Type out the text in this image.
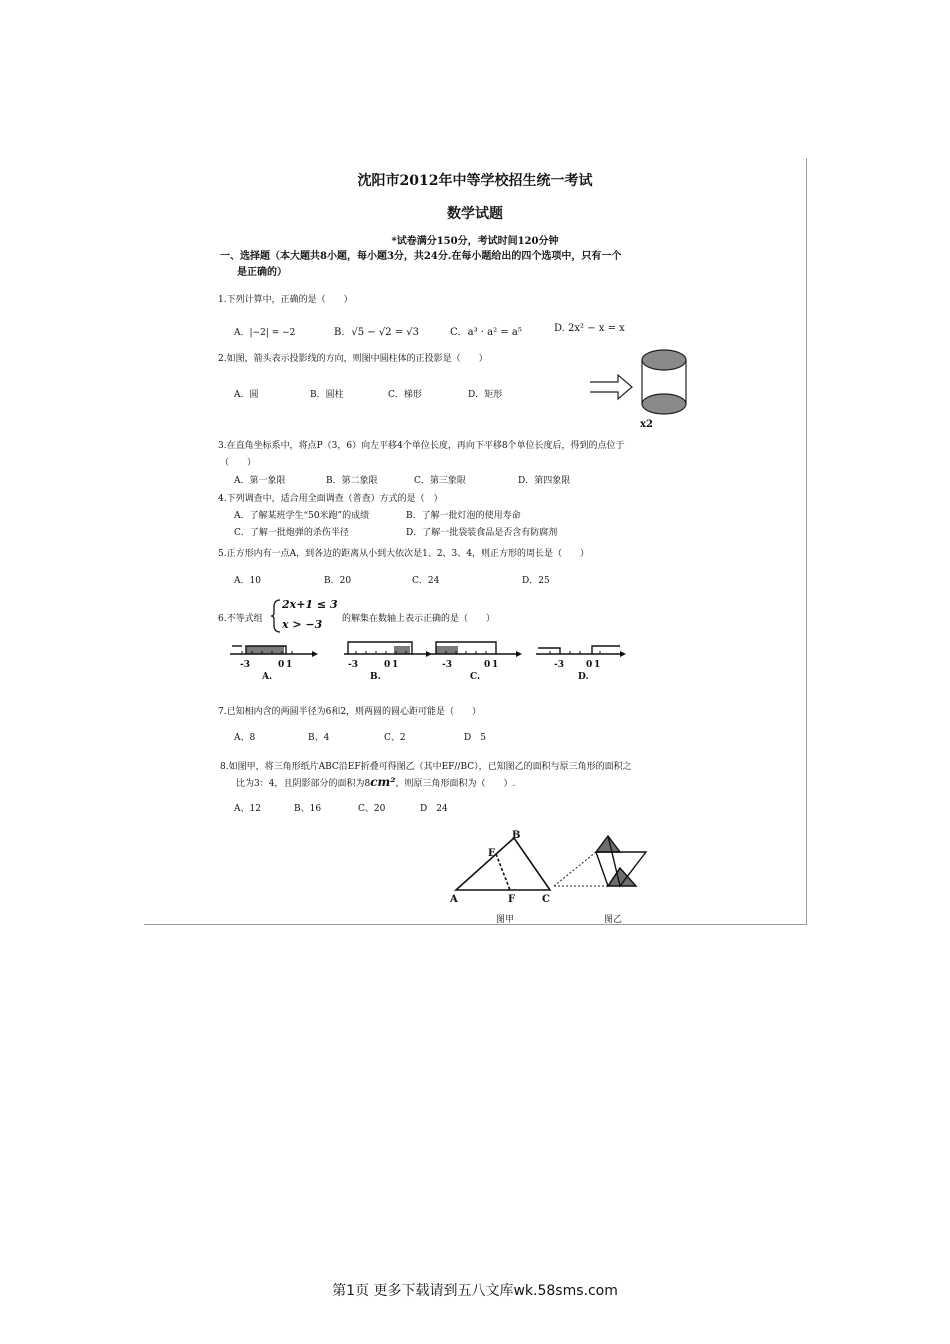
沈阳市2012年中等学校招生统一考试
数学试题
*试卷满分150分，考试时间120分钟
一、选择题（本大题共8小题，每小题3分，共24分.在每小题给出的四个选项中，只有一个
是正确的）
1.下列计算中，正确的是（　　）
A．|−2| = −2	B．√5 − √2 = √3	C．a³ · a² = a⁵	D. 2x² − x = x
2.如图，箭头表示投影线的方向，则图中圆柱体的正投影是（　　）
A．圆	B．圆柱	C．梯形	D．矩形
x2
3.在直角坐标系中，将点P（3，6）向左平移4个单位长度，再向下平移8个单位长度后，得到的点位于
（　　）
A．第一象限	B．第二象限	C．第三象限	D．第四象限
4.下列调查中，适合用全面调查（普查）方式的是（　）
A．了解某班学生“50米跑”的成绩	B．了解一批灯泡的使用寿命
C．了解一批炮弹的杀伤半径	D．了解一批袋装食品是否含有防腐剂
5.正方形内有一点A，到各边的距离从小到大依次是1、2、3、4，则正方形的周长是（　　）
A．10	B．20	C．24	D．25
6.不等式组
2x+1 ≤ 3
x > −3 的解集在数轴上表示正确的是（　　）
-3	0 1
A.
-3	0 1
B.
-3	0 1
C.
-3 0 1
D.
7.已知相内含的两圆半径为6和2，则两圆的圆心距可能是（　　）
A、8	B、4	C、2	D　5
8.如图甲，将三角形纸片ABC沿EF折叠可得图乙（其中EF//BC），已知图乙的面积与原三角形的面积之
比为3：4，且阴影部分的面积为8cm²，则原三角形面积为（　　）.
A、12	B、16	C、20	D　24
B
E
A	F	C
图甲	图乙
第1页 更多下载请到五八文库wk.58sms.com
